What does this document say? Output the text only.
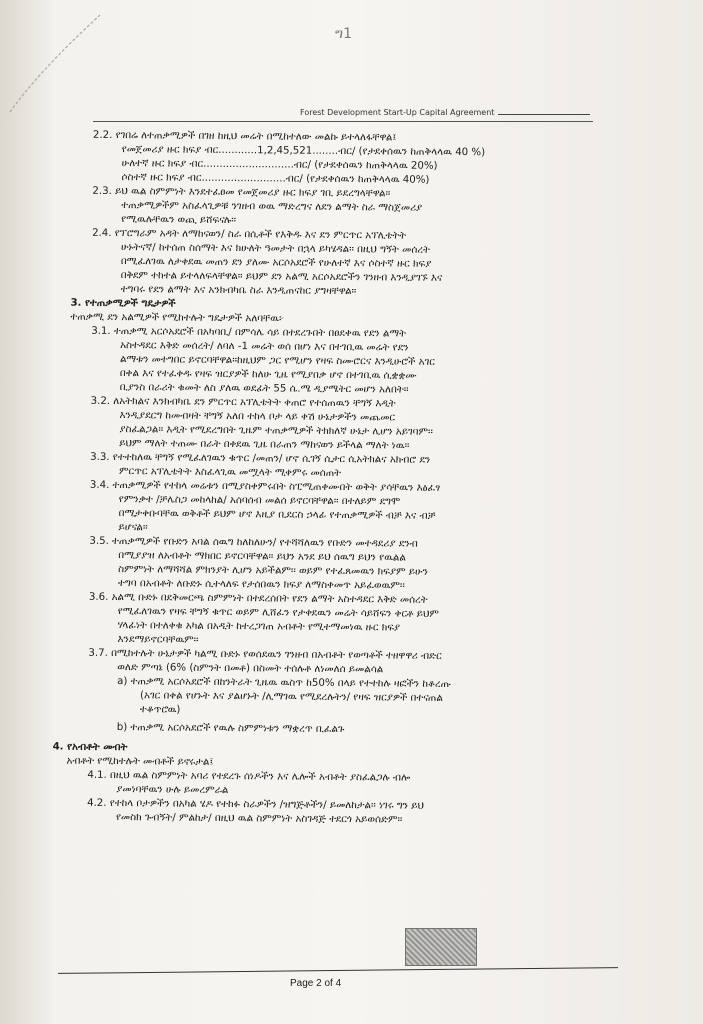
ግ1
Forest Development Start-Up Capital Agreement
2.2. የገበሬ ለተጠቃሚዎች በገዘ ከዚህ መሬት በሚከተለው መልኩ ይተላለፋቸዋል፤
የመጀመሪያ ዙር ክፍያ ብር............1,2,45,521........ብር/ (የታደቀሰዉን ከጠቅላላዉ 40 %)
ሁለተኛ ዙር ክፍያ ብር............................ብር/ (የታደቀሰዉን ከጠቅላላዉ 20%)
ሶስተኛ ዙር ክፍያ ብር..........................ብር/ (የታደቀሰዉን ከጠቅላላዉ 40%)
2.3. ይህ ዉል ስምምነት እንደተፈፀመ የመጀመሪያ ዙር ክፍያ ገቢ ይደረግላቸዋል፡፡
ተጠቃሚዎችም አስፈላጊዎቹ ንገዘብ ወዉ ማድረግና ለደን ልማት ስራ ማስጀመሪያ
የሚዉሉቸዉን ወጪ ይሸፍናሉ፡፡
2.4. የፕሮግራም አዳት ለማከናወን/ ስራ በሲቶች የእቅዱ እና ደን ምርጥር አፕሊቴትት
ሁኑትናኛ/ ከተሰጠ ስሰማት እና ክሁለት ዓመታት በኋላ ይካሄዳል፡፡ በዚህ ግኝት መሰረት
በሚፈለገዉ ለታቀደዉ መጠን ደን ያለሙ አርሶአደሮች የሁለተኛ እና ሶስተኛ ዙር ክፍያ
በቅደም ተከተል ይተላለፍላቸዋል፡፡ ይህም ደን አልሚ አርሶአደሮችን ገንዘብ እንዲያገኙ እና
ተግባሩ የደን ልማት እና አንክብካቤ ስራ እንዲጠናከር ያግዛቸዋል፡፡
3. የተጠቃሚዎች ግዴታዎች
ተጠቃሚ ደን አልሚዎች የሚከተሉት ግዴታዎች አለባቸዉ፦
3.1. ተጠቃሚ አርሶአደሮች በአካባቢ/ በምሳሌ ሳይ በተደረጉበት በፀደቀዉ የደን ልማት
አስተዳደር እቅድ መሰረት/ ለባለ -1 መሬት ወሰ በሆነ እና በተገቢዉ መሬት የደን
ልማቱን መተግበር ይኖርባቸዋል።ከዚህም ጋር የሚሆን የዛፍ ስሙሮርና እንዲሁሮች አገር
በቀል እና የተፈቀዱ የዛፍ ዝርያዎች ከለሁ ጊዜ የሚያበቃ ሆኖ በተገቢዉ ሲቋቋሙ
ቢያንስ በራሪት ቁመት ለስ ያለዉ ወደፊት 55 ሴ.ሜ ዲያሜትር መሆን አለበት።
3.2. ለአትክልና እንክብካቤ ደን ምርጥር አፕሊቴትት ቀጠሮ የተሰጠዉን ቸግኝ እዲት
እንዲያደርግ ከመብዛት ቸግኝ አለበ ተከላ ቦታ ላይ ቀሽ ሁኔታዎችን መጨመር
ያስፈልጋል፡፡ እዲት የሚደረግበት ጊዜም ተጠቃሚዎች ትክክለኛ ሁኔታ ሊሆን አይገባም፡፡
ይህም ማለት ተጠሙ በራት በቀደዉ ጊዜ በራጠን ማከናወን ይችላል ማለት ነዉ፡፡
3.3. የተተከለዉ ቸግኝ የሚፈለገዉን ቁጥር /መጠን/ ሆኖ ሲገኝ ሲታር ሲአትክልና አክብሮ ደን
ምርጥር አፕሊቴትት እስፈላጊዉ መሟላት ሚቀምሩ መሰጠት
3.4. ተጠቃሚዎች የተከላ መሬቱን በሚያስቀምሩበት ስፒሚጠቀሙበት ወቅት ያሳቸዉን እፅፈፃ
የምንቃተ /ቻሌስጋ መከላከል/ አሰባሰብ መልሰ ይኖርባቸዋል፡፡ በተለይም ደግሞ
በሚታቀቡባቸዉ ወቅቶች ይህም ሆኖ እዚያ ቢደርስ ኃላፊ የተጠቃሚዎች ብቻ እና ብቻ
ይሆናል፡፡
3.5. ተጠቃሚዎች የቡድን አባል ሰዉግ ከለከለሁን/ የተሻሻለዉን የቡድን መተዳደሪያ ደንብ
በሚያያዝ ለአብቶት ማክበር ይኖርባቸዋል፡፡ ይህን አንደ ይህ ሰዉግ ይህን የዉልል
ስምምነት ለማሻሻል ምክንያት ሊሆን አይችልም፡፡ ወይም የተፈጸመዉን ክፍያም ይሁን
ተግባ በአብቶት ለቡድኑ ሲተላለፍ የታሰበዉን ክፍያ ለማስቀመጥ አይፈወዉም፡፡
3.6. አልሚ ቡድኑ በደቅመርጫ ስምምነት በተደረሰበት የደን ልማት አስተዳደር እቅድ መሰረት
የሚፈለገዉን የዛፍ ቸግኝ ቁጥር ወይም ሊሸፈን የታቀደዉን መሬት ሳይሸፍን ቀርቶ ይህም
ሃላፊነት በተለቀቁ አካል በአዲት ከተረጋገጠ አብቶት የሚተማመነዉ ዙር ክፍያ
እንደማይኖርባቸዉም፡፡
3.7. በሚከተሉት ሁኔታዎች ካልሚ ቡድኑ የወሰደዉን ገንዘብ በአብቶት የወጣቶች ተዘዋዋሪ ብድር
ወለድ ምጣኔ (6% (ስምንት በመቶ) በስመት ተሰሉቶ ለነመለሰ ይመልሳል
a) ተጠቃሚ አርሶአደሮች በከንትራት ጊዜዉ ዉስጥ ከ50% በላይ የተተከሉ ዛፎችን ከቆረጡ
(አገር በቀል የሆኑት እና ያልሆኑት /ሊማገዉ የሚደረሉትን/ የዛፍ ዝርያዎች በተናጠል
ተቆጥሮዉ)
b) ተጠቃሚ አርሶአደሮች የዉሉ ስምምነቱን ማቋረጥ ቢፈልጉ
4. የአብቶት መብት
አብቶት የሚከተሉት መብቶች ይኖሩታል፤
4.1. በዚህ ዉል ስምምነት አባሪ የተደረጉ ሰነዶችን እና ሌሎች አብቶት ያስፈልጋሉ ብሎ
ያመነባቸዉን ሁሉ ይመረምራል
4.2. የተከላ ቦታዎችን በአካል ሄዶ የተከፉ ስራዎችን /ዝግጅቶችን/ ይመለከታል፡፡ ነገሩ ግን ይህ
የመስክ ጉብኝት/ ምልከታ/ በዚህ ዉል ስምምነት አስገዳጅ ተደርጎ አይወሰድም፡፡
Page 2 of 4
